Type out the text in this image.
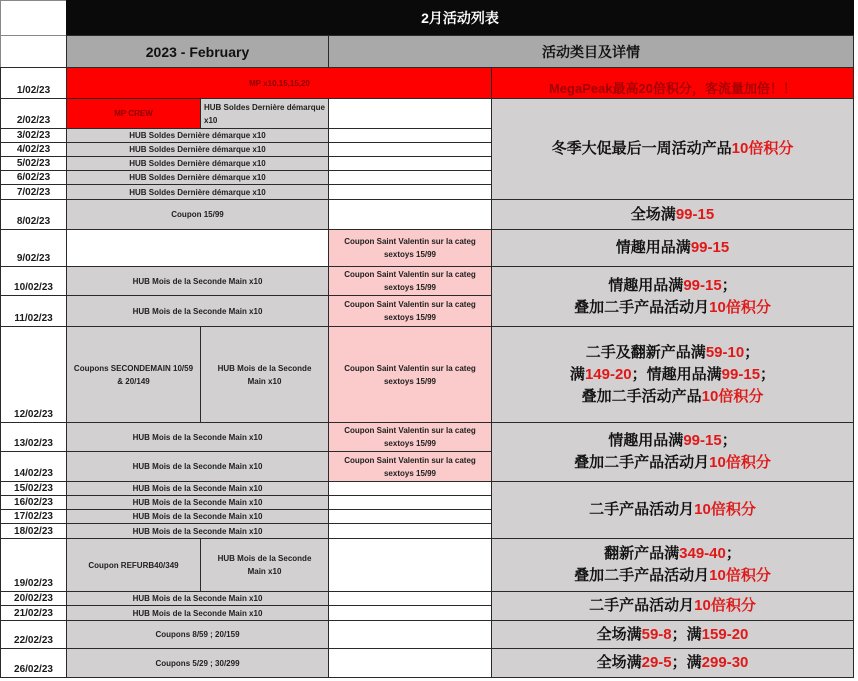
2月活动列表
2023 - February	活动类目及详情
1/02/23
2/02/23
3/02/23
4/02/23
5/02/23
6/02/23
7/02/23
8/02/23
9/02/23
10/02/23
11/02/23
12/02/23
13/02/23
14/02/23
15/02/23
16/02/23
17/02/23
18/02/23
19/02/23
20/02/23
21/02/23
22/02/23
26/02/23
MP x10,15,15,20
MP CREW
HUB Soldes Dernière démarque x10
HUB Soldes Dernière démarque x10
HUB Soldes Dernière démarque x10
HUB Soldes Dernière démarque x10
HUB Soldes Dernière démarque x10
HUB Soldes Dernière démarque x10
Coupon 15/99
HUB Mois de la Seconde Main x10
HUB Mois de la Seconde Main x10
Coupons SECONDEMAIN 10/59 & 20/149
HUB Mois de la Seconde Main x10
HUB Mois de la Seconde Main x10
HUB Mois de la Seconde Main x10
HUB Mois de la Seconde Main x10
HUB Mois de la Seconde Main x10
HUB Mois de la Seconde Main x10
HUB Mois de la Seconde Main x10
Coupon REFURB40/349
HUB Mois de la Seconde Main x10
HUB Mois de la Seconde Main x10
HUB Mois de la Seconde Main x10
Coupons 8/59 ; 20/159
Coupons 5/29 ; 30/299
Coupon Saint Valentin sur la categ sextoys 15/99
Coupon Saint Valentin sur la categ sextoys 15/99
Coupon Saint Valentin sur la categ sextoys 15/99
Coupon Saint Valentin sur la categ sextoys 15/99
Coupon Saint Valentin sur la categ sextoys 15/99
Coupon Saint Valentin sur la categ sextoys 15/99
MegaPeak最高20倍积分，客流量加倍！！
冬季大促最后一周活动产品10倍积分
全场满99-15
情趣用品满99-15
情趣用品满99-15；
叠加二手产品活动月10倍积分
二手及翻新产品满59-10；
满149-20；情趣用品满99-15；
叠加二手活动产品10倍积分
情趣用品满99-15；
叠加二手产品活动月10倍积分
二手产品活动月10倍积分
翻新产品满349-40；
叠加二手产品活动月10倍积分
二手产品活动月10倍积分
全场满59-8；满159-20
全场满29-5；满299-30
